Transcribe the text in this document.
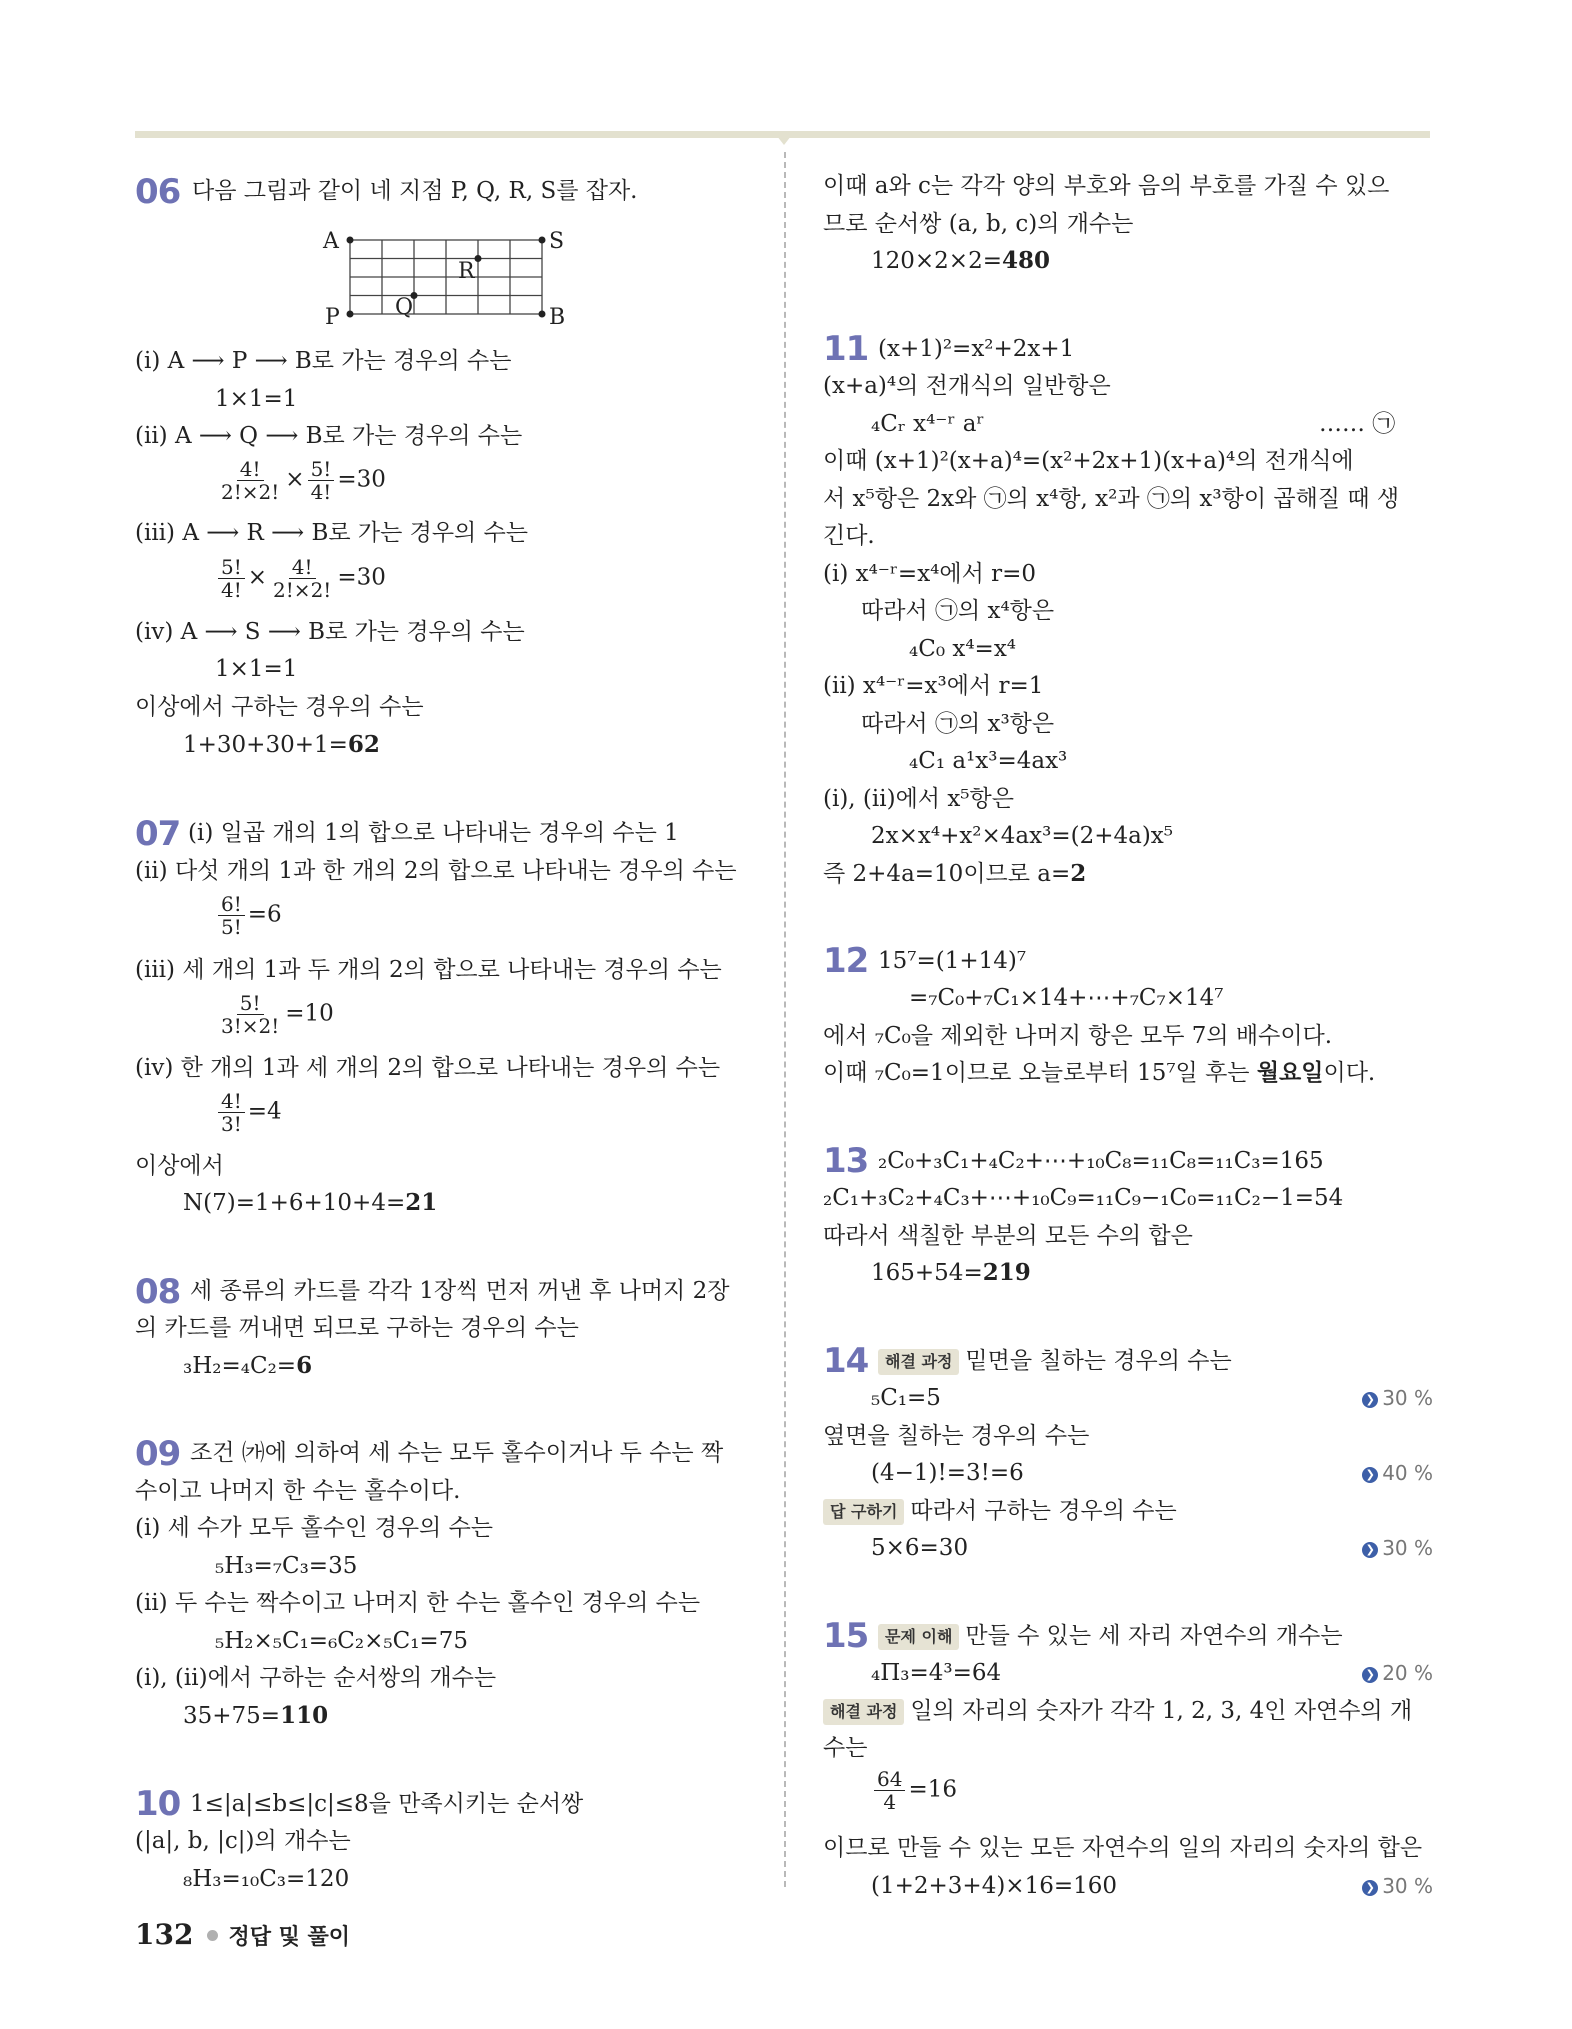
06 다음 그림과 같이 네 지점 P, Q, R, S를 잡자.
A	S
P	B
Q
R
(ⅰ) A ⟶ P ⟶ B로 가는 경우의 수는
1×1=1
(ⅱ) A ⟶ Q ⟶ B로 가는 경우의 수는
$\frac{4!}{2!\times 2!} \times \frac{5!}{4!} =30$
(ⅲ) A ⟶ R ⟶ B로 가는 경우의 수는
$\frac{5!}{4!} \times \frac{4!}{2!\times 2!} =30$
(ⅳ) A ⟶ S ⟶ B로 가는 경우의 수는
1×1=1
이상에서 구하는 경우의 수는
1+30+30+1=62
07 (ⅰ) 일곱 개의 1의 합으로 나타내는 경우의 수는 1
(ⅱ) 다섯 개의 1과 한 개의 2의 합으로 나타내는 경우의 수는
$\frac{6!}{5!} =6$
(ⅲ) 세 개의 1과 두 개의 2의 합으로 나타내는 경우의 수는
$\frac{5!}{3!\times 2!} =10$
(ⅳ) 한 개의 1과 세 개의 2의 합으로 나타내는 경우의 수는
$\frac{4!}{3!} =4$
이상에서
N(7)=1+6+10+4=21
08 세 종류의 카드를 각각 1장씩 먼저 꺼낸 후 나머지 2장
의 카드를 꺼내면 되므로 구하는 경우의 수는
₃H₂=₄C₂=6
09 조건 ㈎에 의하여 세 수는 모두 홀수이거나 두 수는 짝
수이고 나머지 한 수는 홀수이다.
(ⅰ) 세 수가 모두 홀수인 경우의 수는
₅H₃=₇C₃=35
(ⅱ) 두 수는 짝수이고 나머지 한 수는 홀수인 경우의 수는
₅H₂×₅C₁=₆C₂×₅C₁=75
(ⅰ), (ⅱ)에서 구하는 순서쌍의 개수는
35+75=110
10 1≤|a|≤b≤|c|≤8을 만족시키는 순서쌍
(|a|, b, |c|)의 개수는
₈H₃=₁₀C₃=120
이때 a와 c는 각각 양의 부호와 음의 부호를 가질 수 있으
므로 순서쌍 (a, b, c)의 개수는
120×2×2=480
11 (x+1)²=x²+2x+1
(x+a)⁴의 전개식의 일반항은
₄Cᵣ x⁴⁻ʳ aʳ	…… ㉠
이때 (x+1)²(x+a)⁴=(x²+2x+1)(x+a)⁴의 전개식에
서 x⁵항은 2x와 ㉠의 x⁴항, x²과 ㉠의 x³항이 곱해질 때 생
긴다.
(ⅰ) x⁴⁻ʳ=x⁴에서 r=0
따라서 ㉠의 x⁴항은
₄C₀ x⁴=x⁴
(ⅱ) x⁴⁻ʳ=x³에서 r=1
따라서 ㉠의 x³항은
₄C₁ a¹x³=4ax³
(ⅰ), (ⅱ)에서 x⁵항은
2x×x⁴+x²×4ax³=(2+4a)x⁵
즉 2+4a=10이므로 a=2
12 15⁷=(1+14)⁷
=₇C₀+₇C₁×14+⋯+₇C₇×14⁷
에서 ₇C₀을 제외한 나머지 항은 모두 7의 배수이다.
이때 ₇C₀=1이므로 오늘로부터 15⁷일 후는 월요일이다.
13 ₂C₀+₃C₁+₄C₂+⋯+₁₀C₈=₁₁C₈=₁₁C₃=165
₂C₁+₃C₂+₄C₃+⋯+₁₀C₉=₁₁C₉−₁C₀=₁₁C₂−1=54
따라서 색칠한 부분의 모든 수의 합은
165+54=219
14	해결 과정 밑면을 칠하는 경우의 수는
₅C₁=5	❯ 30 %
옆면을 칠하는 경우의 수는
(4−1)!=3!=6	❯ 40 %
답 구하기 따라서 구하는 경우의 수는
5×6=30	❯ 30 %
15	문제 이해 만들 수 있는 세 자리 자연수의 개수는
₄Π₃=4³=64	❯ 20 %
해결 과정 일의 자리의 숫자가 각각 1, 2, 3, 4인 자연수의 개
수는
$\frac{64}{4} =16$
이므로 만들 수 있는 모든 자연수의 일의 자리의 숫자의 합은
(1+2+3+4)×16=160	❯ 30 %
132 정답 및 풀이
